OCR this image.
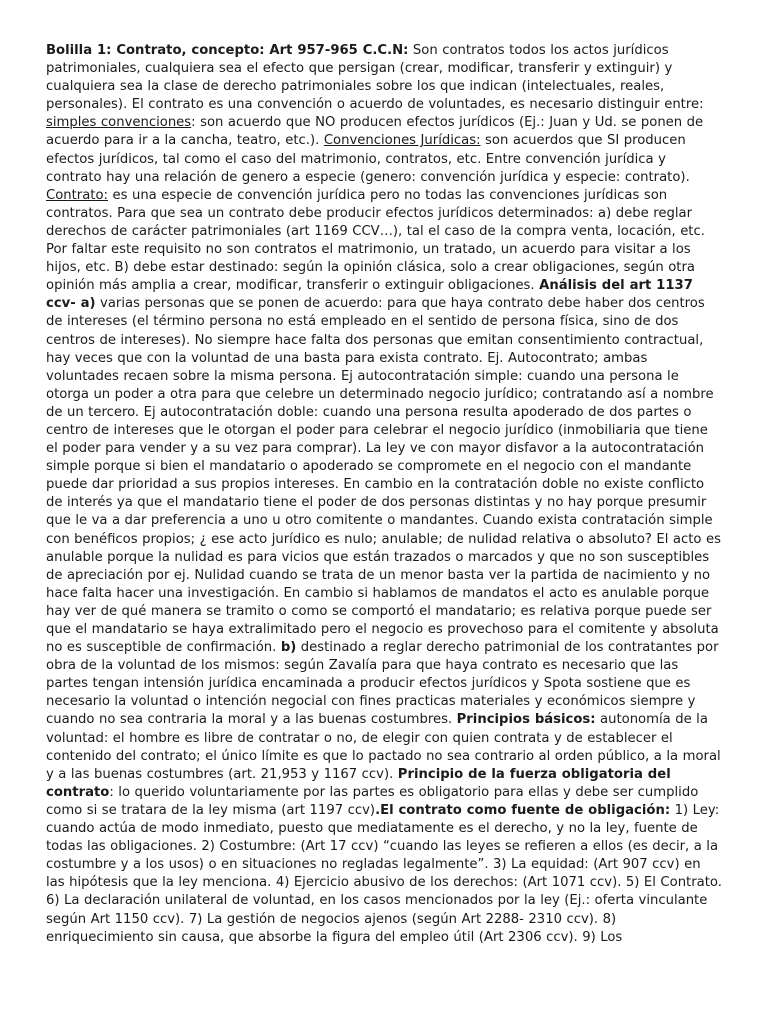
Bolilla 1: Contrato, concepto: Art 957-965 C.C.N: Son contratos todos los actos jurídicos patrimoniales, cualquiera sea el efecto que persigan (crear, modificar, transferir y extinguir) y cualquiera sea la clase de derecho patrimoniales sobre los que indican (intelectuales, reales, personales). El contrato es una convención o acuerdo de voluntades, es necesario distinguir entre: simples convenciones: son acuerdo que NO producen efectos jurídicos (Ej.: Juan y Ud. se ponen de acuerdo para ir a la cancha, teatro, etc.). Convenciones Jurídicas: son acuerdos que SI producen efectos jurídicos, tal como el caso del matrimonio, contratos, etc. Entre convención jurídica y contrato hay una relación de genero a especie (genero: convención jurídica y especie: contrato). Contrato: es una especie de convención jurídica pero no todas las convenciones jurídicas son contratos. Para que sea un contrato debe producir efectos jurídicos determinados: a) debe reglar derechos de carácter patrimoniales (art 1169 CCV…), tal el caso de la compra venta, locación, etc. Por faltar este requisito no son contratos el matrimonio, un tratado, un acuerdo para visitar a los hijos, etc. B) debe estar destinado: según la opinión clásica, solo a crear obligaciones, según otra opinión más amplia a crear, modificar, transferir o extinguir obligaciones. Análisis del art 1137 ccv- a) varias personas que se ponen de acuerdo: para que haya contrato debe haber dos centros de intereses (el término persona no está empleado en el sentido de persona física, sino de dos centros de intereses). No siempre hace falta dos personas que emitan consentimiento contractual, hay veces que con la voluntad de una basta para exista contrato. Ej. Autocontrato; ambas voluntades recaen sobre la misma persona. Ej autocontratación simple: cuando una persona le otorga un poder a otra para que celebre un determinado negocio jurídico; contratando así a nombre de un tercero. Ej autocontratación doble: cuando una persona resulta apoderado de dos partes o centro de intereses que le otorgan el poder para celebrar el negocio jurídico (inmobiliaria que tiene el poder para vender y a su vez para comprar). La ley ve con mayor disfavor a la autocontratación simple porque si bien el mandatario o apoderado se compromete en el negocio con el mandante puede dar prioridad a sus propios intereses. En cambio en la contratación doble no existe conflicto de interés ya que el mandatario tiene el poder de dos personas distintas y no hay porque presumir que le va a dar preferencia a uno u otro comitente o mandantes. Cuando exista contratación simple con benéficos propios; ¿ ese acto jurídico es nulo; anulable; de nulidad relativa o absoluto? El acto es anulable porque la nulidad es para vicios que están trazados o marcados y que no son susceptibles de apreciación por ej. Nulidad cuando se trata de un menor basta ver la partida de nacimiento y no hace falta hacer una investigación. En cambio si hablamos de mandatos el acto es anulable porque hay ver de qué manera se tramito o como se comportó el mandatario; es relativa porque puede ser que el mandatario se haya extralimitado pero el negocio es provechoso para el comitente y absoluta no es susceptible de confirmación. b) destinado a reglar derecho patrimonial de los contratantes por obra de la voluntad de los mismos: según Zavalía para que haya contrato es necesario que las partes tengan intensión jurídica encaminada a producir efectos jurídicos y Spota sostiene que es necesario la voluntad o intención negocial con fines practicas materiales y económicos siempre y cuando no sea contraria la moral y a las buenas costumbres. Principios básicos: autonomía de la voluntad: el hombre es libre de contratar o no, de elegir con quien contrata y de establecer el contenido del contrato; el único límite es que lo pactado no sea contrario al orden público, a la moral y a las buenas costumbres (art. 21,953 y 1167 ccv). Principio de la fuerza obligatoria del contrato: lo querido voluntariamente por las partes es obligatorio para ellas y debe ser cumplido como si se tratara de la ley misma (art 1197 ccv).El contrato como fuente de obligación: 1) Ley: cuando actúa de modo inmediato, puesto que mediatamente es el derecho, y no la ley, fuente de todas las obligaciones. 2) Costumbre: (Art 17 ccv) “cuando las leyes se refieren a ellos (es decir, a la costumbre y a los usos) o en situaciones no regladas legalmente”. 3) La equidad: (Art 907 ccv) en las hipótesis que la ley menciona. 4) Ejercicio abusivo de los derechos: (Art 1071 ccv). 5) El Contrato. 6) La declaración unilateral de voluntad, en los casos mencionados por la ley (Ej.: oferta vinculante según Art 1150 ccv). 7) La gestión de negocios ajenos (según Art 2288- 2310 ccv). 8) enriquecimiento sin causa, que absorbe la figura del empleo útil (Art 2306 ccv). 9) Los
